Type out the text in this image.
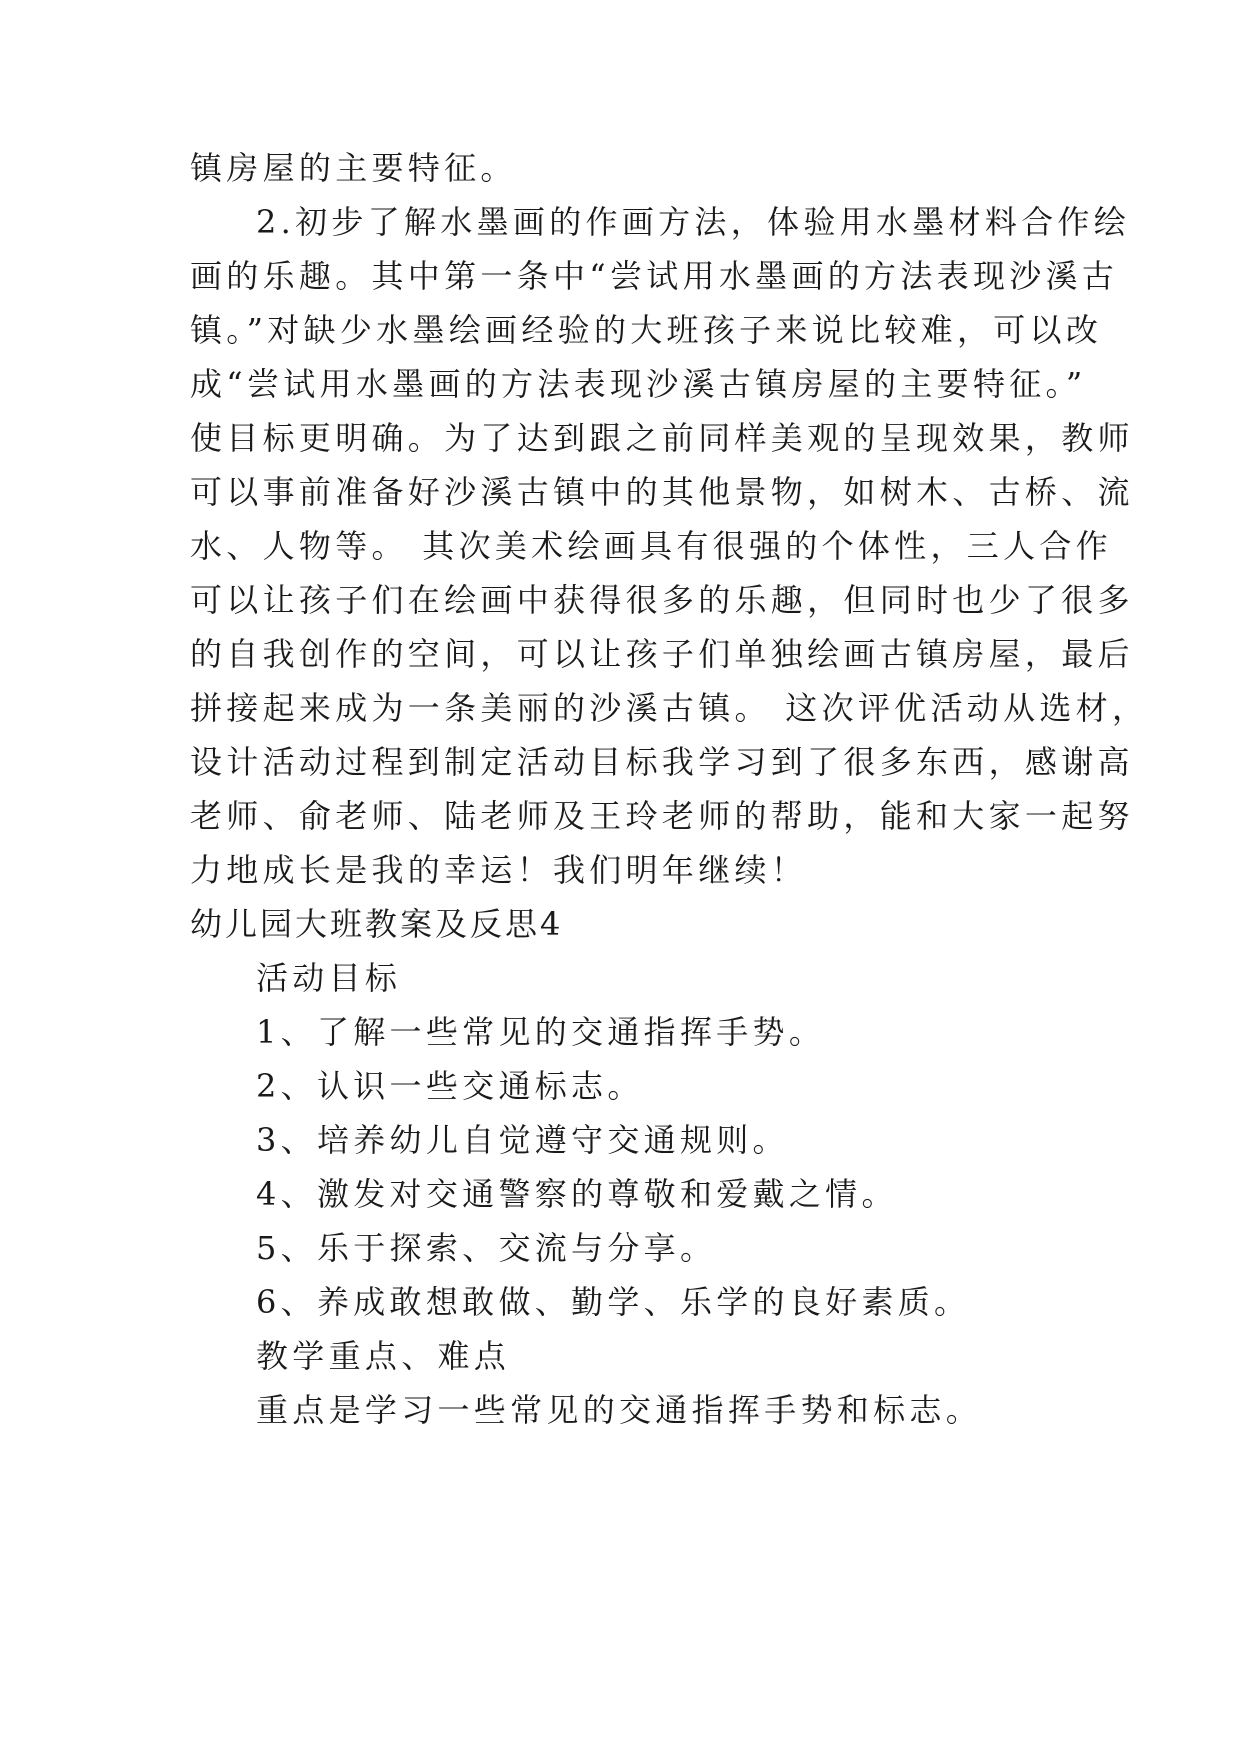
镇房屋的主要特征。
2.初步了解水墨画的作画方法，体验用水墨材料合作绘
画的乐趣。其中第一条中“尝试用水墨画的方法表现沙溪古
镇。”对缺少水墨绘画经验的大班孩子来说比较难，可以改
成“尝试用水墨画的方法表现沙溪古镇房屋的主要特征。”
使目标更明确。为了达到跟之前同样美观的呈现效果，教师
可以事前准备好沙溪古镇中的其他景物，如树木、古桥、流
水、人物等。 其次美术绘画具有很强的个体性，三人合作
可以让孩子们在绘画中获得很多的乐趣，但同时也少了很多
的自我创作的空间，可以让孩子们单独绘画古镇房屋，最后
拼接起来成为一条美丽的沙溪古镇。 这次评优活动从选材，
设计活动过程到制定活动目标我学习到了很多东西，感谢高
老师、俞老师、陆老师及王玲老师的帮助，能和大家一起努
力地成长是我的幸运！我们明年继续！
幼儿园大班教案及反思4
活动目标
1、了解一些常见的交通指挥手势。
2、认识一些交通标志。
3、培养幼儿自觉遵守交通规则。
4、激发对交通警察的尊敬和爱戴之情。
5、乐于探索、交流与分享。
6、养成敢想敢做、勤学、乐学的良好素质。
教学重点、难点
重点是学习一些常见的交通指挥手势和标志。
